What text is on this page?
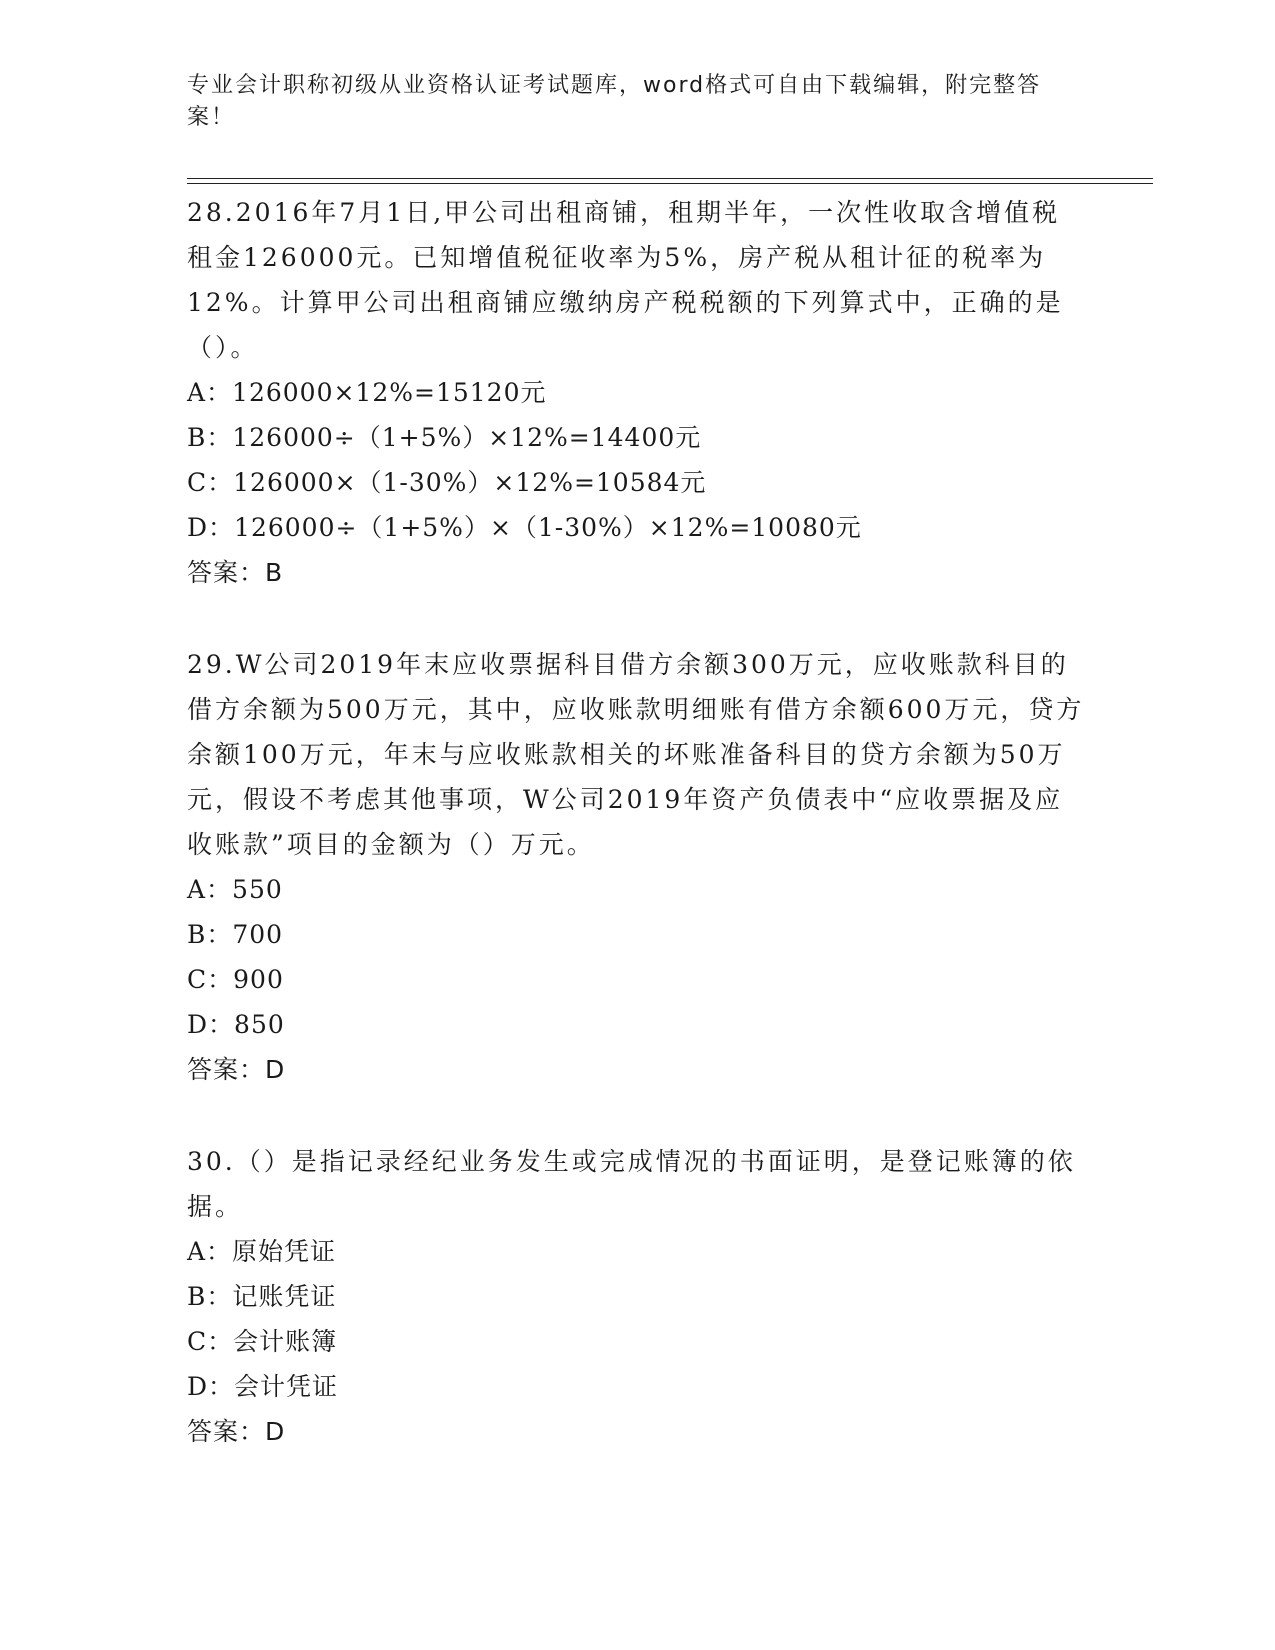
专业会计职称初级从业资格认证考试题库，word格式可自由下载编辑，附完整答案！

28.2016年7月1日,甲公司出租商铺，租期半年，一次性收取含增值税租金126000元。已知增值税征收率为5%，房产税从租计征的税率为12%。计算甲公司出租商铺应缴纳房产税税额的下列算式中，正确的是（）。

A：126000×12%=15120元

B：126000÷（1+5%）×12%=14400元

C：126000×（1-30%）×12%=10584元

D：126000÷（1+5%）×（1-30%）×12%=10080元

答案：B

29.W公司2019年末应收票据科目借方余额300万元，应收账款科目的借方余额为500万元，其中，应收账款明细账有借方余额600万元，贷方余额100万元，年末与应收账款相关的坏账准备科目的贷方余额为50万元，假设不考虑其他事项，W公司2019年资产负债表中“应收票据及应收账款”项目的金额为（）万元。

A：550

B：700

C：900

D：850

答案：D

30.（）是指记录经纪业务发生或完成情况的书面证明，是登记账簿的依据。

A：原始凭证

B：记账凭证

C：会计账簿

D：会计凭证

答案：D
